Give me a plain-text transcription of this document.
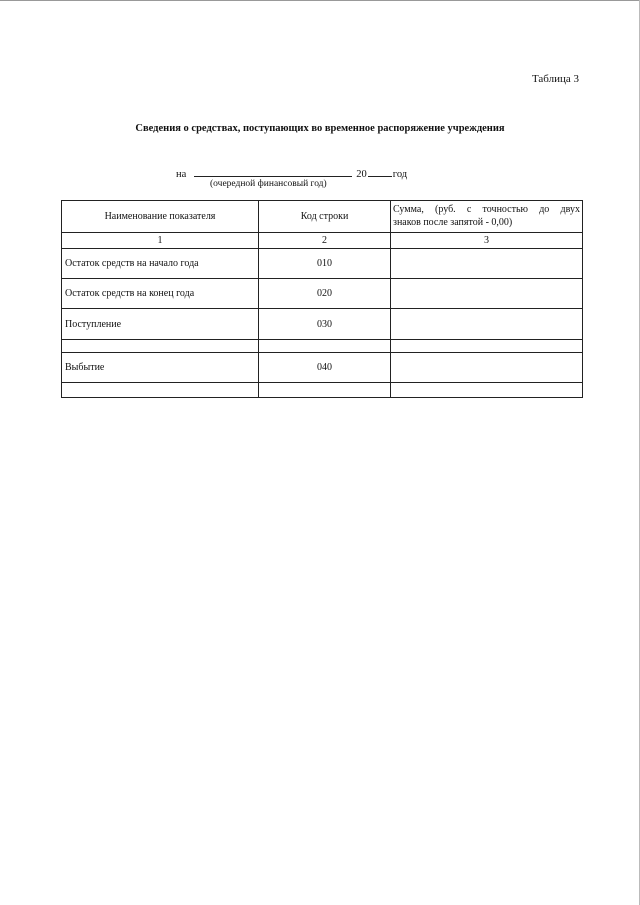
Таблица 3
Сведения о средствах, поступающих во временное распоряжение учреждения
на	20 год
(очередной финансовый год)
Наименование показателя	Код строки	Сумма, (руб. с точностью до двух
знаков после запятой - 0,00)

1	2	3
Остаток средств на начало года	010	
Остаток средств на конец года	020	
Поступление	030	

Выбытие	040	
